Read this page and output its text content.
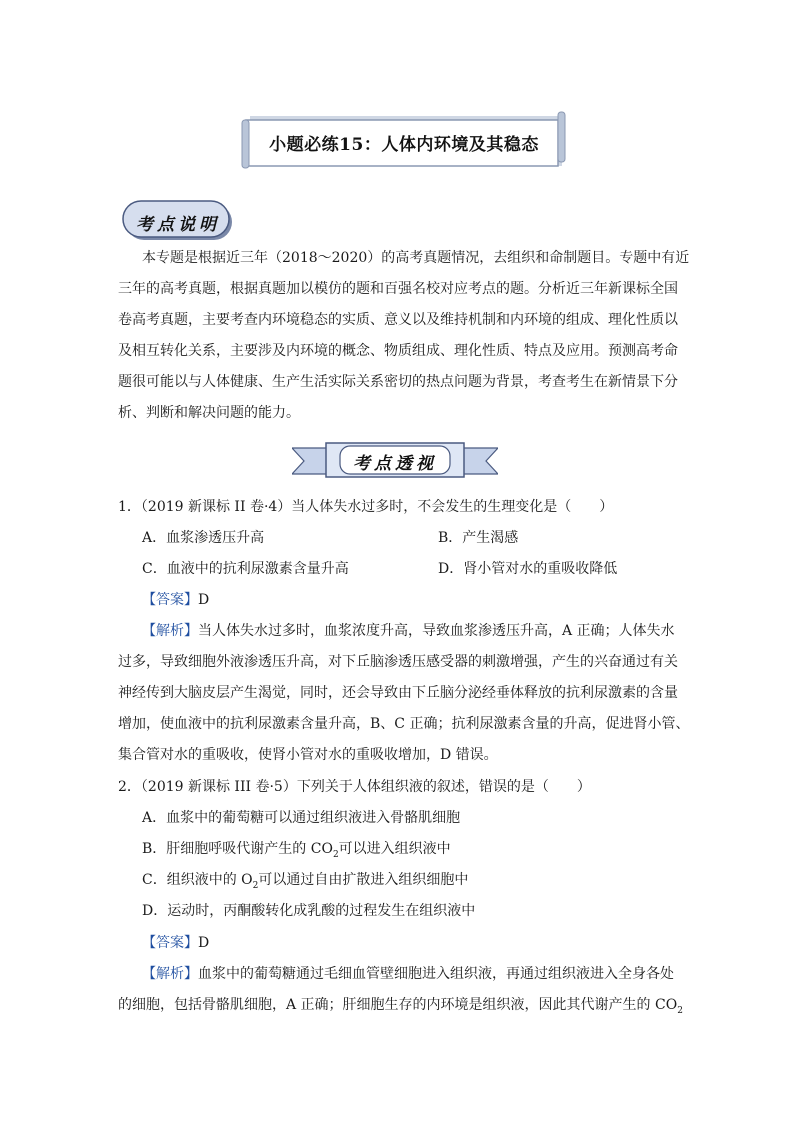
小题必练15：人体内环境及其稳态
考点说明
本专题是根据近三年（2018～2020）的高考真题情况，去组织和命制题目。专题中有近
三年的高考真题，根据真题加以模仿的题和百强名校对应考点的题。分析近三年新课标全国
卷高考真题，主要考查内环境稳态的实质、意义以及维持机制和内环境的组成、理化性质以
及相互转化关系，主要涉及内环境的概念、物质组成、理化性质、特点及应用。预测高考命
题很可能以与人体健康、生产生活实际关系密切的热点问题为背景，考查考生在新情景下分
析、判断和解决问题的能力。
考点透视
1．（2019 新课标 II 卷·4）当人体失水过多时，不会发生的生理变化是（　　）
A．血浆渗透压升高	B．产生渴感
C．血液中的抗利尿激素含量升高	D．肾小管对水的重吸收降低
【答案】D
【解析】当人体失水过多时，血浆浓度升高，导致血浆渗透压升高，A 正确；人体失水
过多，导致细胞外液渗透压升高，对下丘脑渗透压感受器的刺激增强，产生的兴奋通过有关
神经传到大脑皮层产生渴觉，同时，还会导致由下丘脑分泌经垂体释放的抗利尿激素的含量
增加，使血液中的抗利尿激素含量升高，B、C 正确；抗利尿激素含量的升高，促进肾小管、
集合管对水的重吸收，使肾小管对水的重吸收增加，D 错误。
2．（2019 新课标 III 卷·5）下列关于人体组织液的叙述，错误的是（　　）
A．血浆中的葡萄糖可以通过组织液进入骨骼肌细胞
B．肝细胞呼吸代谢产生的 $CO_2$可以进入组织液中
C．组织液中的 $O_2$可以通过自由扩散进入组织细胞中
D．运动时，丙酮酸转化成乳酸的过程发生在组织液中
【答案】D
【解析】血浆中的葡萄糖通过毛细血管壁细胞进入组织液，再通过组织液进入全身各处
的细胞，包括骨骼肌细胞，A 正确；肝细胞生存的内环境是组织液，因此其代谢产生的 $CO_2$
